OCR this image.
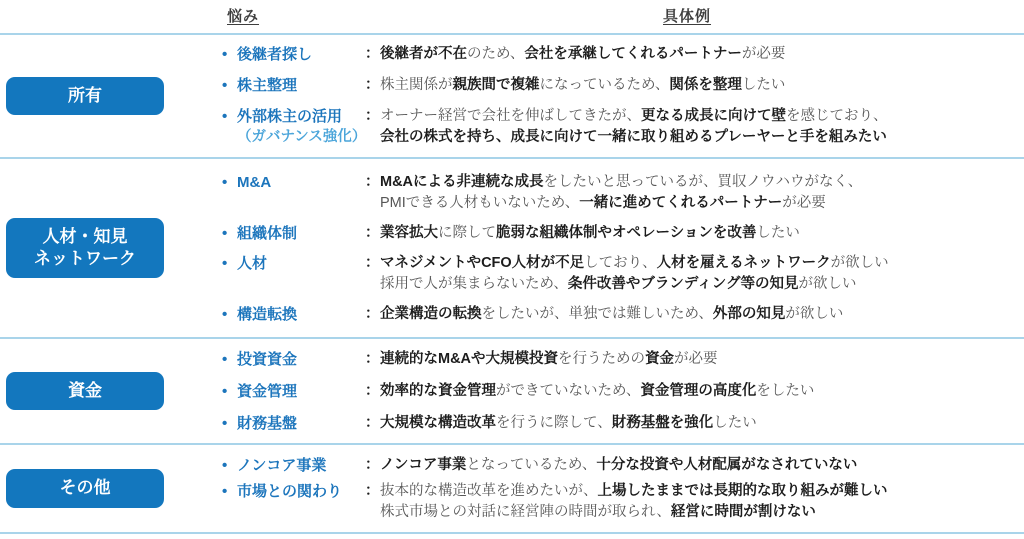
悩み	具体例
所有
• 後継者探し	： 後継者が不在のため、会社を承継してくれるパートナーが必要
• 株主整理	： 株主関係が親族間で複雑になっているため、関係を整理したい
• 外部株主の活用
（ガバナンス強化）
： オーナー経営で会社を伸ばしてきたが、更なる成長に向けて壁を感じており、
会社の株式を持ち、成長に向けて一緒に取り組めるプレーヤーと手を組みたい
人材・知見
ネットワーク
• M&A	： M&Aによる非連続な成長をしたいと思っているが、買収ノウハウがなく、
PMIできる人材もいないため、一緒に進めてくれるパートナーが必要
• 組織体制	： 業容拡大に際して脆弱な組織体制やオペレーションを改善したい
• 人材	： マネジメントやCFO人材が不足しており、人材を雇えるネットワークが欲しい
採用で人が集まらないため、条件改善やブランディング等の知見が欲しい
• 構造転換	： 企業構造の転換をしたいが、単独では難しいため、外部の知見が欲しい
資金
• 投資資金	： 連続的なM&Aや大規模投資を行うための資金が必要
• 資金管理	： 効率的な資金管理ができていないため、資金管理の高度化をしたい
• 財務基盤	： 大規模な構造改革を行うに際して、財務基盤を強化したい
その他
• ノンコア事業	： ノンコア事業となっているため、十分な投資や人材配属がなされていない
• 市場との関わり	： 抜本的な構造改革を進めたいが、上場したままでは長期的な取り組みが難しい
株式市場との対話に経営陣の時間が取られ、経営に時間が割けない
